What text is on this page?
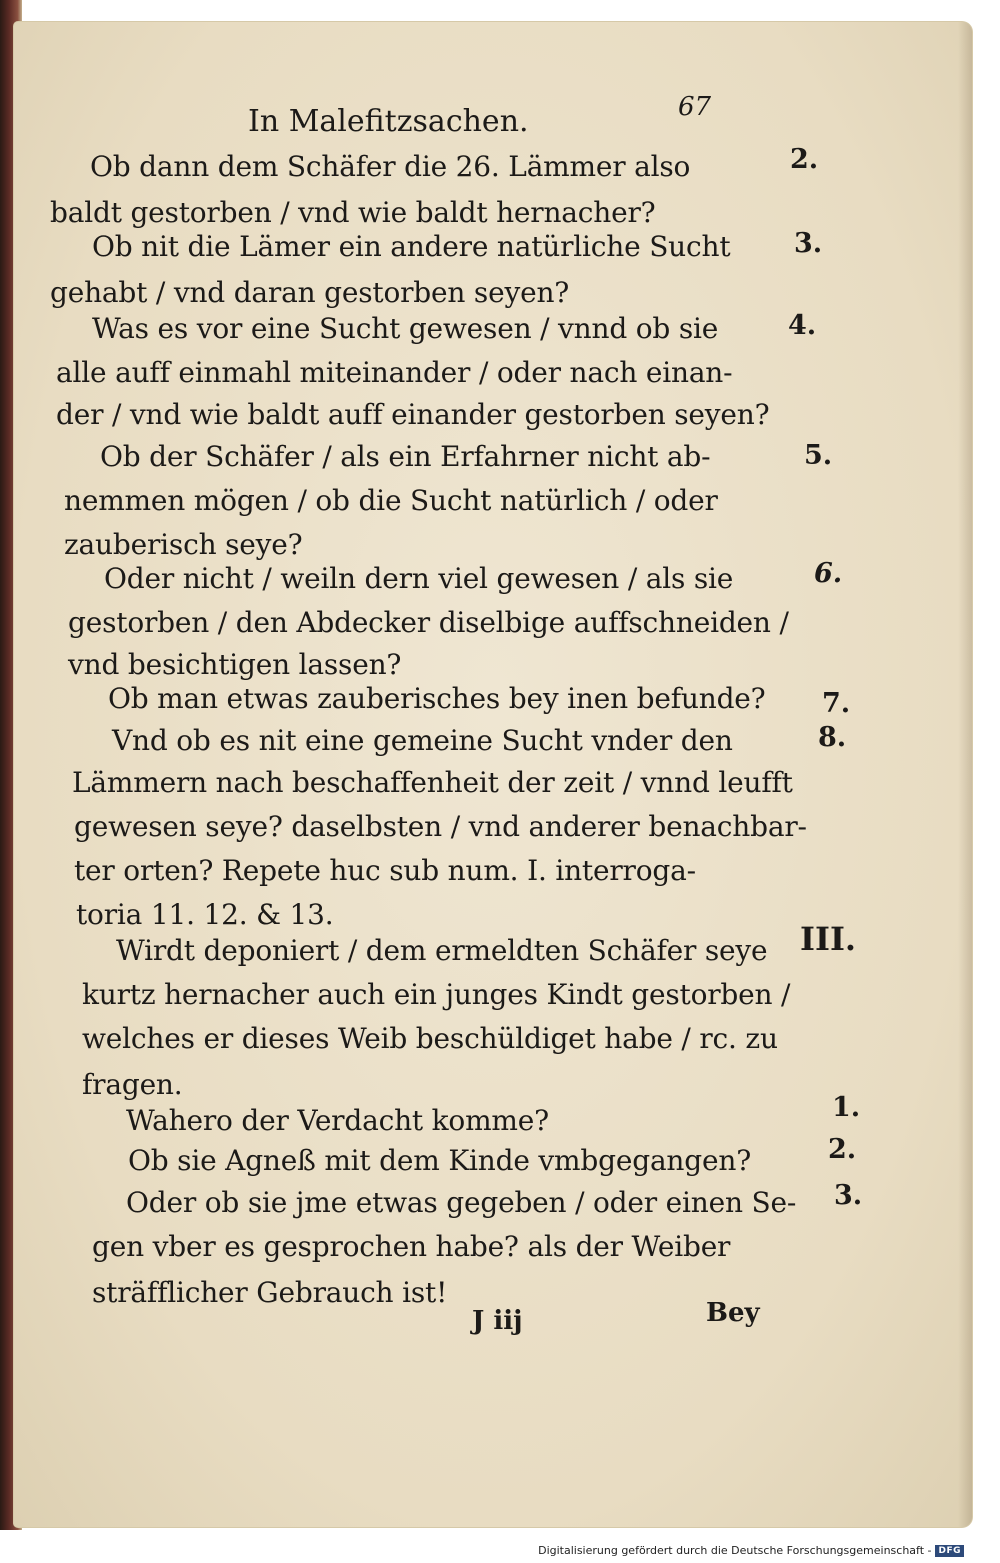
In Malefitzsachen.	67
Ob dann dem Schäfer die 26. Lämmer also
baldt gestorben / vnd wie baldt hernacher?
Ob nit die Lämer ein andere natürliche Sucht
gehabt / vnd daran gestorben seyen?
Was es vor eine Sucht gewesen / vnnd ob sie
alle auff einmahl miteinander / oder nach einan-
der / vnd wie baldt auff einander gestorben seyen?
Ob der Schäfer / als ein Erfahrner nicht ab-
nemmen mögen / ob die Sucht natürlich / oder
zauberisch seye?
Oder nicht / weiln dern viel gewesen / als sie
gestorben / den Abdecker diselbige auffschneiden /
vnd besichtigen lassen?
Ob man etwas zauberisches bey inen befunde?
Vnd ob es nit eine gemeine Sucht vnder den
Lämmern nach beschaffenheit der zeit / vnnd leufft
gewesen seye? daselbsten / vnd anderer benachbar-
ter orten? Repete huc sub num. I. interroga-
toria 11. 12. & 13.
Wirdt deponiert / dem ermeldten Schäfer seye
kurtz hernacher auch ein junges Kindt gestorben /
welches er dieses Weib beschüldiget habe / rc. zu
fragen.
Wahero der Verdacht komme?
Ob sie Agneß mit dem Kinde vmbgegangen?
Oder ob sie jme etwas gegeben / oder einen Se-
gen vber es gesprochen habe? als der Weiber
sträfflicher Gebrauch ist!
2.
3.
4.
5.
6.
7.
8.
III.
1.
2.
3.
J iij	Bey
Digitalisierung gefördert durch die Deutsche Forschungsgemeinschaft - DFG
